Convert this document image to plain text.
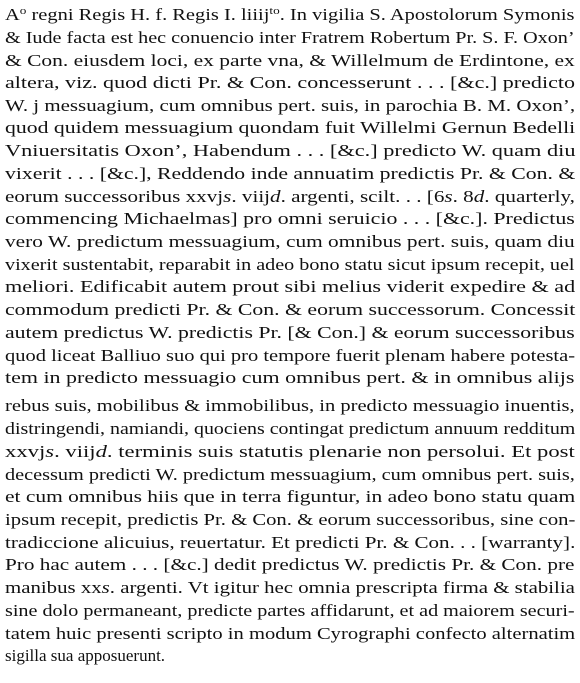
$A^o$ regni Regis H. f. Regis I. liiij$^{to}$. In vigilia S. Apostolorum Symonis
& Iude facta est hec conuencio inter Fratrem Robertum Pr. S. F. Oxon’
& Con. eiusdem loci, ex parte vna, & Willelmum de Erdintone, ex
altera, viz. quod dicti Pr. & Con. concesserunt . . . [&c.] predicto
W. j messuagium, cum omnibus pert. suis, in parochia B. M. Oxon’,
quod quidem messuagium quondam fuit Willelmi Gernun Bedelli
Vniuersitatis Oxon’, Habendum . . . [&c.] predicto W. quam diu
vixerit . . . [&c.], Reddendo inde annuatim predictis Pr. & Con. &
eorum successoribus xxvjs. viijd. argenti, scilt. . . [6s. 8d. quarterly,
commencing Michaelmas] pro omni seruicio . . . [&c.]. Predictus
vero W. predictum messuagium, cum omnibus pert. suis, quam diu
vixerit sustentabit, reparabit in adeo bono statu sicut ipsum recepit, uel
meliori. Edificabit autem prout sibi melius viderit expedire & ad
commodum predicti Pr. & Con. & eorum successorum. Concessit
autem predictus W. predictis Pr. [& Con.] & eorum successoribus
quod liceat Balliuo suo qui pro tempore fuerit plenam habere potesta-
tem in predicto messuagio cum omnibus pert. & in omnibus alijs
rebus suis, mobilibus & immobilibus, in predicto messuagio inuentis,
distringendi, namiandi, quociens contingat predictum annuum redditum
xxvjs. viijd. terminis suis statutis plenarie non persolui. Et post
decessum predicti W. predictum messuagium, cum omnibus pert. suis,
et cum omnibus hiis que in terra figuntur, in adeo bono statu quam
ipsum recepit, predictis Pr. & Con. & eorum successoribus, sine con-
tradiccione alicuius, reuertatur. Et predicti Pr. & Con. . . [warranty].
Pro hac autem . . . [&c.] dedit predictus W. predictis Pr. & Con. pre
manibus xxs. argenti. Vt igitur hec omnia prescripta firma & stabilia
sine dolo permaneant, predicte partes affidarunt, et ad maiorem securi-
tatem huic presenti scripto in modum Cyrographi confecto alternatim
sigilla sua apposuerunt.
